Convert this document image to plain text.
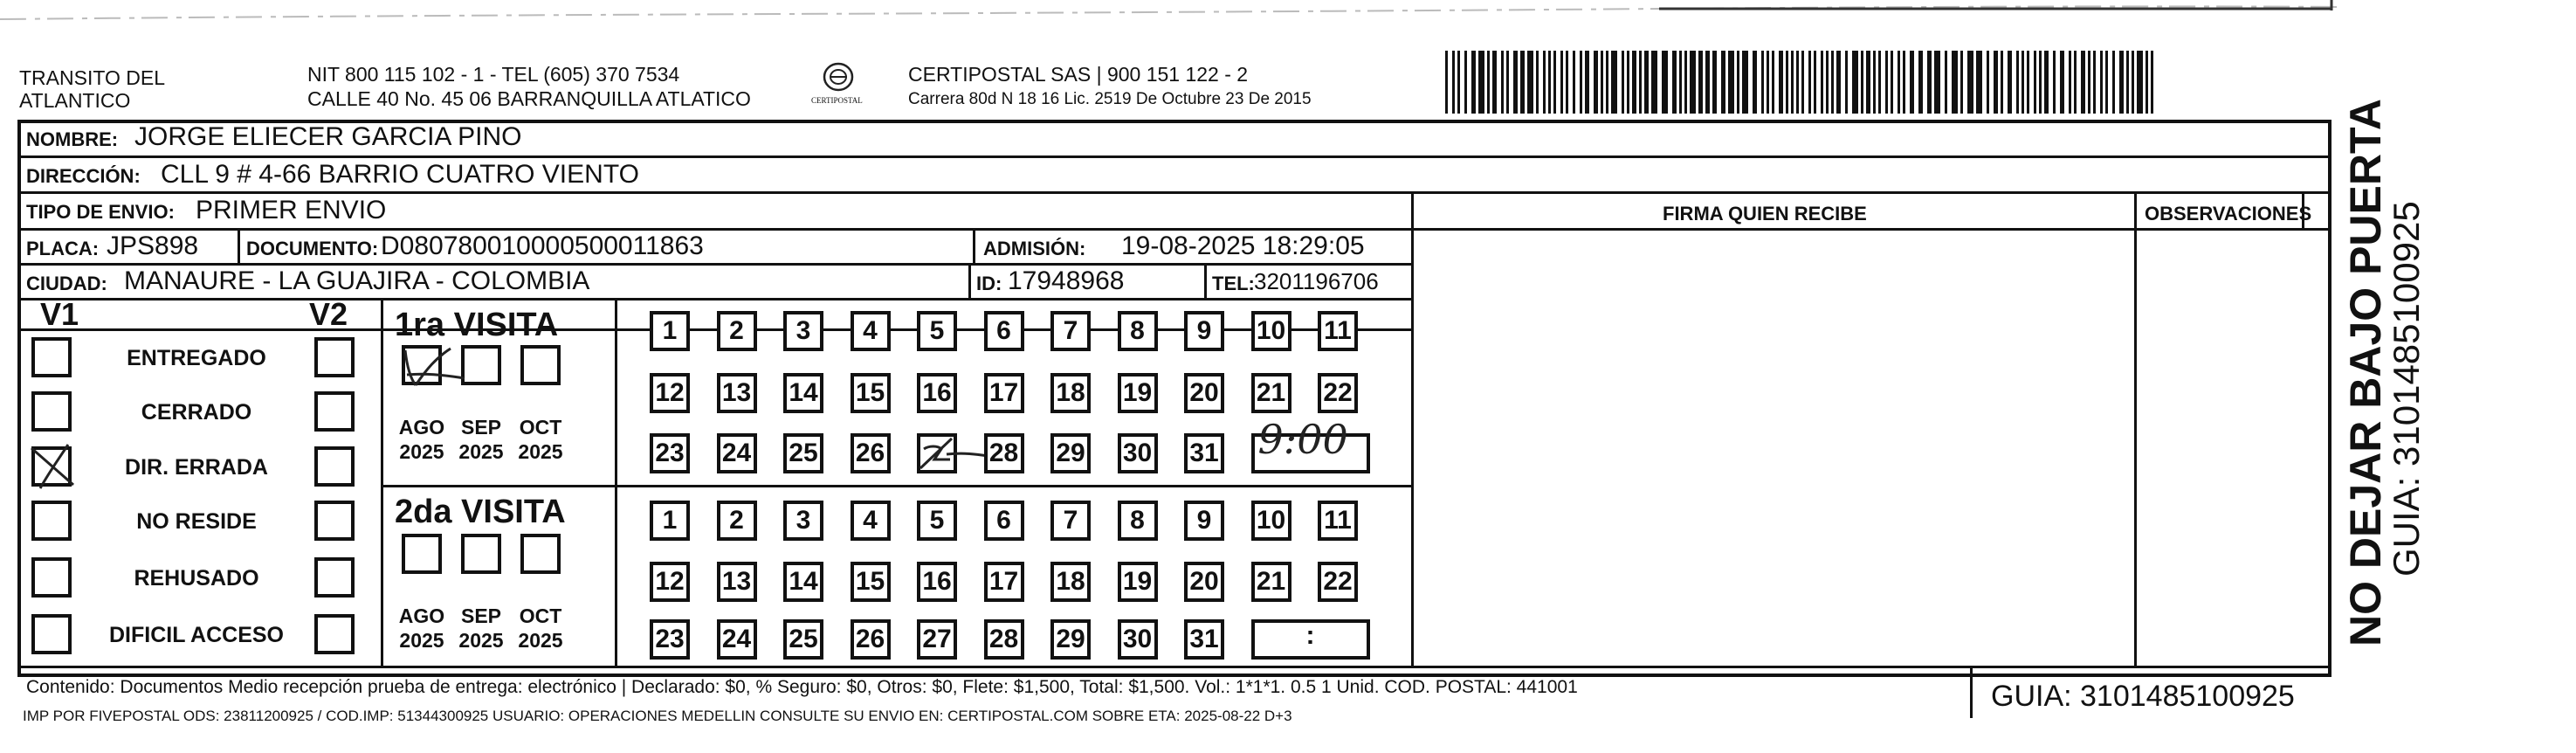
TRANSITO DEL
ATLANTICO
NIT 800 115 102 - 1 - TEL (605) 370 7534
CALLE 40 No. 45 06 BARRANQUILLA ATLATICO	CERTIPOSTAL
CERTIPOSTAL SAS | 900 151 122 - 2
Carrera 80d N 18 16 Lic. 2519 De Octubre 23 De 2015
NOMBRE: JORGE ELIECER GARCIA PINO
DIRECCIÓN: CLL 9 # 4-66 BARRIO CUATRO VIENTO
TIPO DE ENVIO: PRIMER ENVIO	FIRMA QUIEN RECIBE	OBSERVACIONES
PLACA: JPS898 DOCUMENTO: D080780010000500011863	ADMISIÓN: 19-08-2025 18:29:05
CIUDAD: MANAURE - LA GUAJIRA - COLOMBIA	ID: 17948968	TEL: 3201196706
V1	V2
ENTREGADO
CERRADO
DIR. ERRADA
NO RESIDE
REHUSADO
DIFICIL ACCESO
1ra VISITA
2da VISITA
AGO
2025
SEP
2025
OCT
2025
AGO
2025
SEP
2025
OCT
2025
1	2	3	4	5	6	7	8	9	10 11
12 13 14 15 16 17 18 19 20 21 22
23 24 25 26	28 29 30 31 9:00
1	2	3	4	5	6	7	8	9	10 11
12 13 14 15 16 17 18 19 20 21 22
23 24 25 26 27 28 29 30 31	:
Contenido: Documentos Medio recepción prueba de entrega: electrónico | Declarado: $0, % Seguro: $0, Otros: $0, Flete: $1,500, Total: $1,500. Vol.: 1*1*1. 0.5 1 Unid. COD. POSTAL: 441001	GUIA: 3101485100925
IMP POR FIVEPOSTAL ODS: 23811200925 / COD.IMP: 51344300925 USUARIO: OPERACIONES MEDELLIN CONSULTE SU ENVIO EN: CERTIPOSTAL.COM SOBRE ETA: 2025-08-22 D+3
NO DEJAR BAJO PUERTA
GUIA: 3101485100925
